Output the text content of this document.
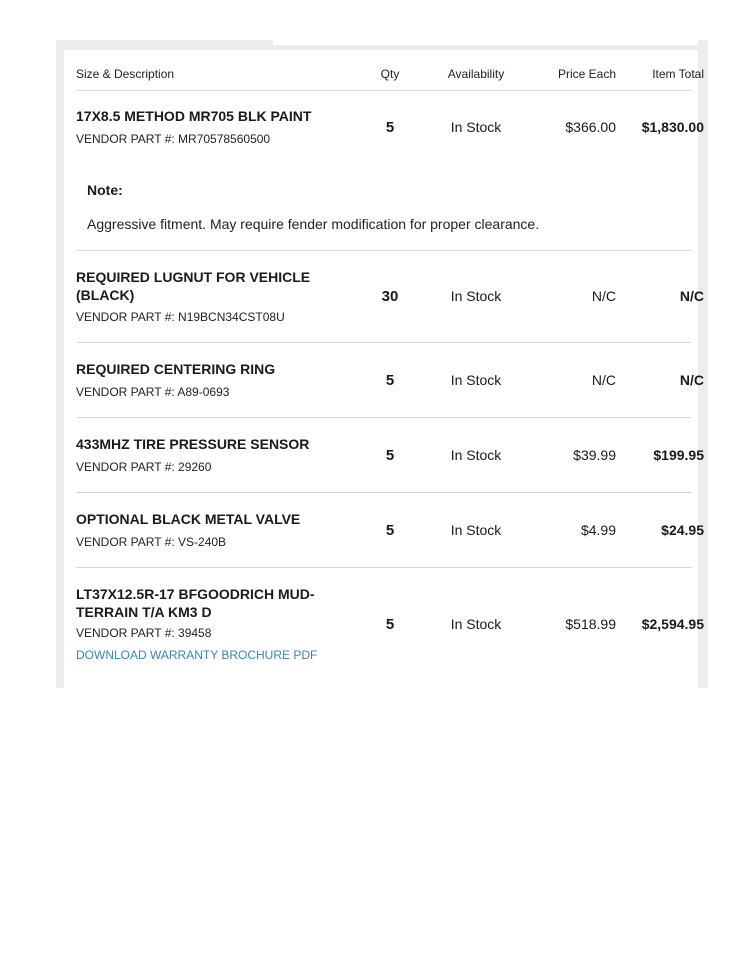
Size & Description	Qty	Availability	Price Each	Item Total
17X8.5 METHOD MR705 BLK PAINT
VENDOR PART #: MR70578560500
5	In Stock	$366.00	$1,830.00
Note:
Aggressive fitment. May require fender modification for proper clearance.
REQUIRED LUGNUT FOR VEHICLE
(BLACK)
VENDOR PART #: N19BCN34CST08U
30	In Stock	N/C	N/C
REQUIRED CENTERING RING
VENDOR PART #: A89-0693
5	In Stock	N/C	N/C
433MHZ TIRE PRESSURE SENSOR
VENDOR PART #: 29260
5	In Stock	$39.99	$199.95
OPTIONAL BLACK METAL VALVE
VENDOR PART #: VS-240B
5	In Stock	$4.99	$24.95
LT37X12.5R-17 BFGOODRICH MUD-
TERRAIN T/A KM3 D
VENDOR PART #: 39458
DOWNLOAD WARRANTY BROCHURE PDF
5	In Stock	$518.99	$2,594.95
